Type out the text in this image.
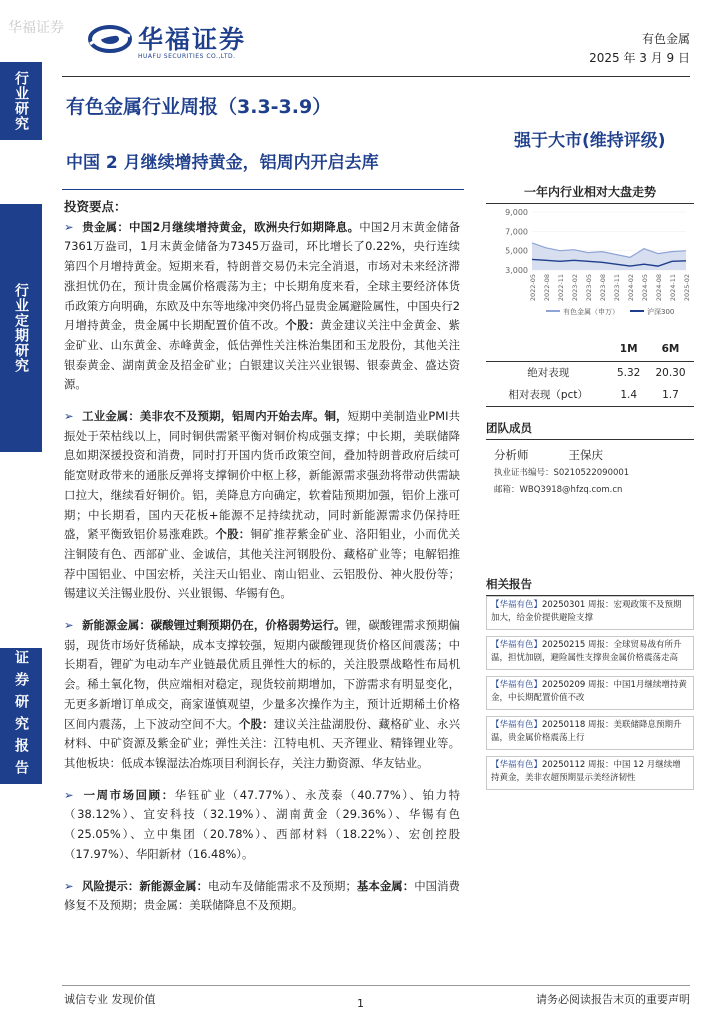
华福证券
行业研究
行业定期研究
证券研究报告
华福证券
HUAFU SECURITIES CO.,LTD.
有色金属
2025 年 3 月 9 日
有色金属行业周报（3.3-3.9）
强于大市(维持评级)
中国 2 月继续增持黄金，铝周内开启去库
投资要点：
➢ 贵金属：中国2月继续增持黄金，欧洲央行如期降息。中国2月末黄金储备7361万盎司，1月末黄金储备为7345万盎司，环比增长了0.22%，央行连续第四个月增持黄金。短期来看，特朗普交易仍未完全消退，市场对未来经济滞涨担忧仍在，预计贵金属价格震荡为主；中长期角度来看，全球主要经济体货币政策方向明确，东欧及中东等地缘冲突仍将凸显贵金属避险属性，中国央行2月增持黄金，贵金属中长期配置价值不改。个股：黄金建议关注中金黄金、紫金矿业、山东黄金、赤峰黄金，低估弹性关注株治集团和玉龙股份，其他关注银泰黄金、湖南黄金及招金矿业；白银建议关注兴业银锡、银泰黄金、盛达资源。
➢ 工业金属：美非农不及预期，铝周内开始去库。铜，短期中美制造业PMI共振处于荣枯线以上，同时铜供需紧平衡对铜价构成强支撑；中长期，美联储降息如期深援投资和消费，同时打开国内货币政策空间，叠加特朗普政府后续可能宽财政带来的通胀反弹将支撑铜价中枢上移，新能源需求强劲将带动供需缺口拉大，继续看好铜价。铝，美降息方向确定，软着陆预期加强，铝价上涨可期；中长期看，国内天花板+能源不足持续扰动，同时新能源需求仍保持旺盛，紧平衡致铝价易涨难跌。个股：铜矿推荐紫金矿业、洛阳钼业，小而优关注铜陵有色、西部矿业、金诚信，其他关注河钢股份、藏格矿业等；电解铝推荐中国铝业、中国宏桥，关注天山铝业、南山铝业、云铝股份、神火股份等；锡建议关注锡业股份、兴业银锡、华锡有色。
➢ 新能源金属：碳酸锂过剩预期仍在，价格弱势运行。锂，碳酸锂需求预期偏弱，现货市场好货稀缺，成本支撑较强，短期内碳酸锂现货价格区间震荡；中长期看，锂矿为电动车产业链最优质且弹性大的标的，关注股票战略性布局机会。稀土氧化物，供应端相对稳定，现货较前期增加，下游需求有明显变化，无更多新增订单成交，商家谨慎观望，少量多次操作为主，预计近期稀土价格区间内震荡，上下波动空间不大。个股：建议关注盐湖股份、藏格矿业、永兴材料、中矿资源及紫金矿业；弹性关注：江特电机、天齐锂业、精锋锂业等。其他板块：低成本镍湿法冶炼项目利润长存，关注力勤资源、华友钴业。
➢ 一周市场回顾：华钰矿业（47.77%）、永茂泰（40.77%）、铂力特（38.12%）、宜安科技（32.19%）、湖南黄金（29.36%）、华锡有色（25.05%）、立中集团（20.78%）、西部材料（18.22%）、宏创控股（17.97%）、华阳新材（16.48%）。
➢ 风险提示：新能源金属：电动车及储能需求不及预期；基本金属：中国消费修复不及预期；贵金属：美联储降息不及预期。
一年内行业相对大盘走势
9,000
7,000
5,000
3,000
2022-05 2022-08 2022-11 2023-02 2023-05 2023-08 2023-11 2024-02 2024-05 2024-08 2024-11 2025-02
有色金属（申万）	沪深300
	1M	6M
绝对表现	5.32	20.30
相对表现（pct）	1.4	1.7
团队成员
分析师	王保庆
执业证书编号：S0210522090001
邮箱：WBQ3918@hfzq.com.cn
相关报告
【华福有色】20250301 周报：宏观政策不及预期加大，给金价提供避险支撑
【华福有色】20250215 周报：全球贸易战有所升温，担忧加剧，避险属性支撑贵金属价格震荡走高
【华福有色】20250209 周报：中国1月继续增持黄金，中长期配置价值不改
【华福有色】20250118 周报：美联储降息预期升温，贵金属价格震荡上行
【华福有色】20250112 周报：中国 12 月继续增持黄金，美非农超预期显示美经济韧性
诚信专业 发现价值	1	请务必阅读报告末页的重要声明
